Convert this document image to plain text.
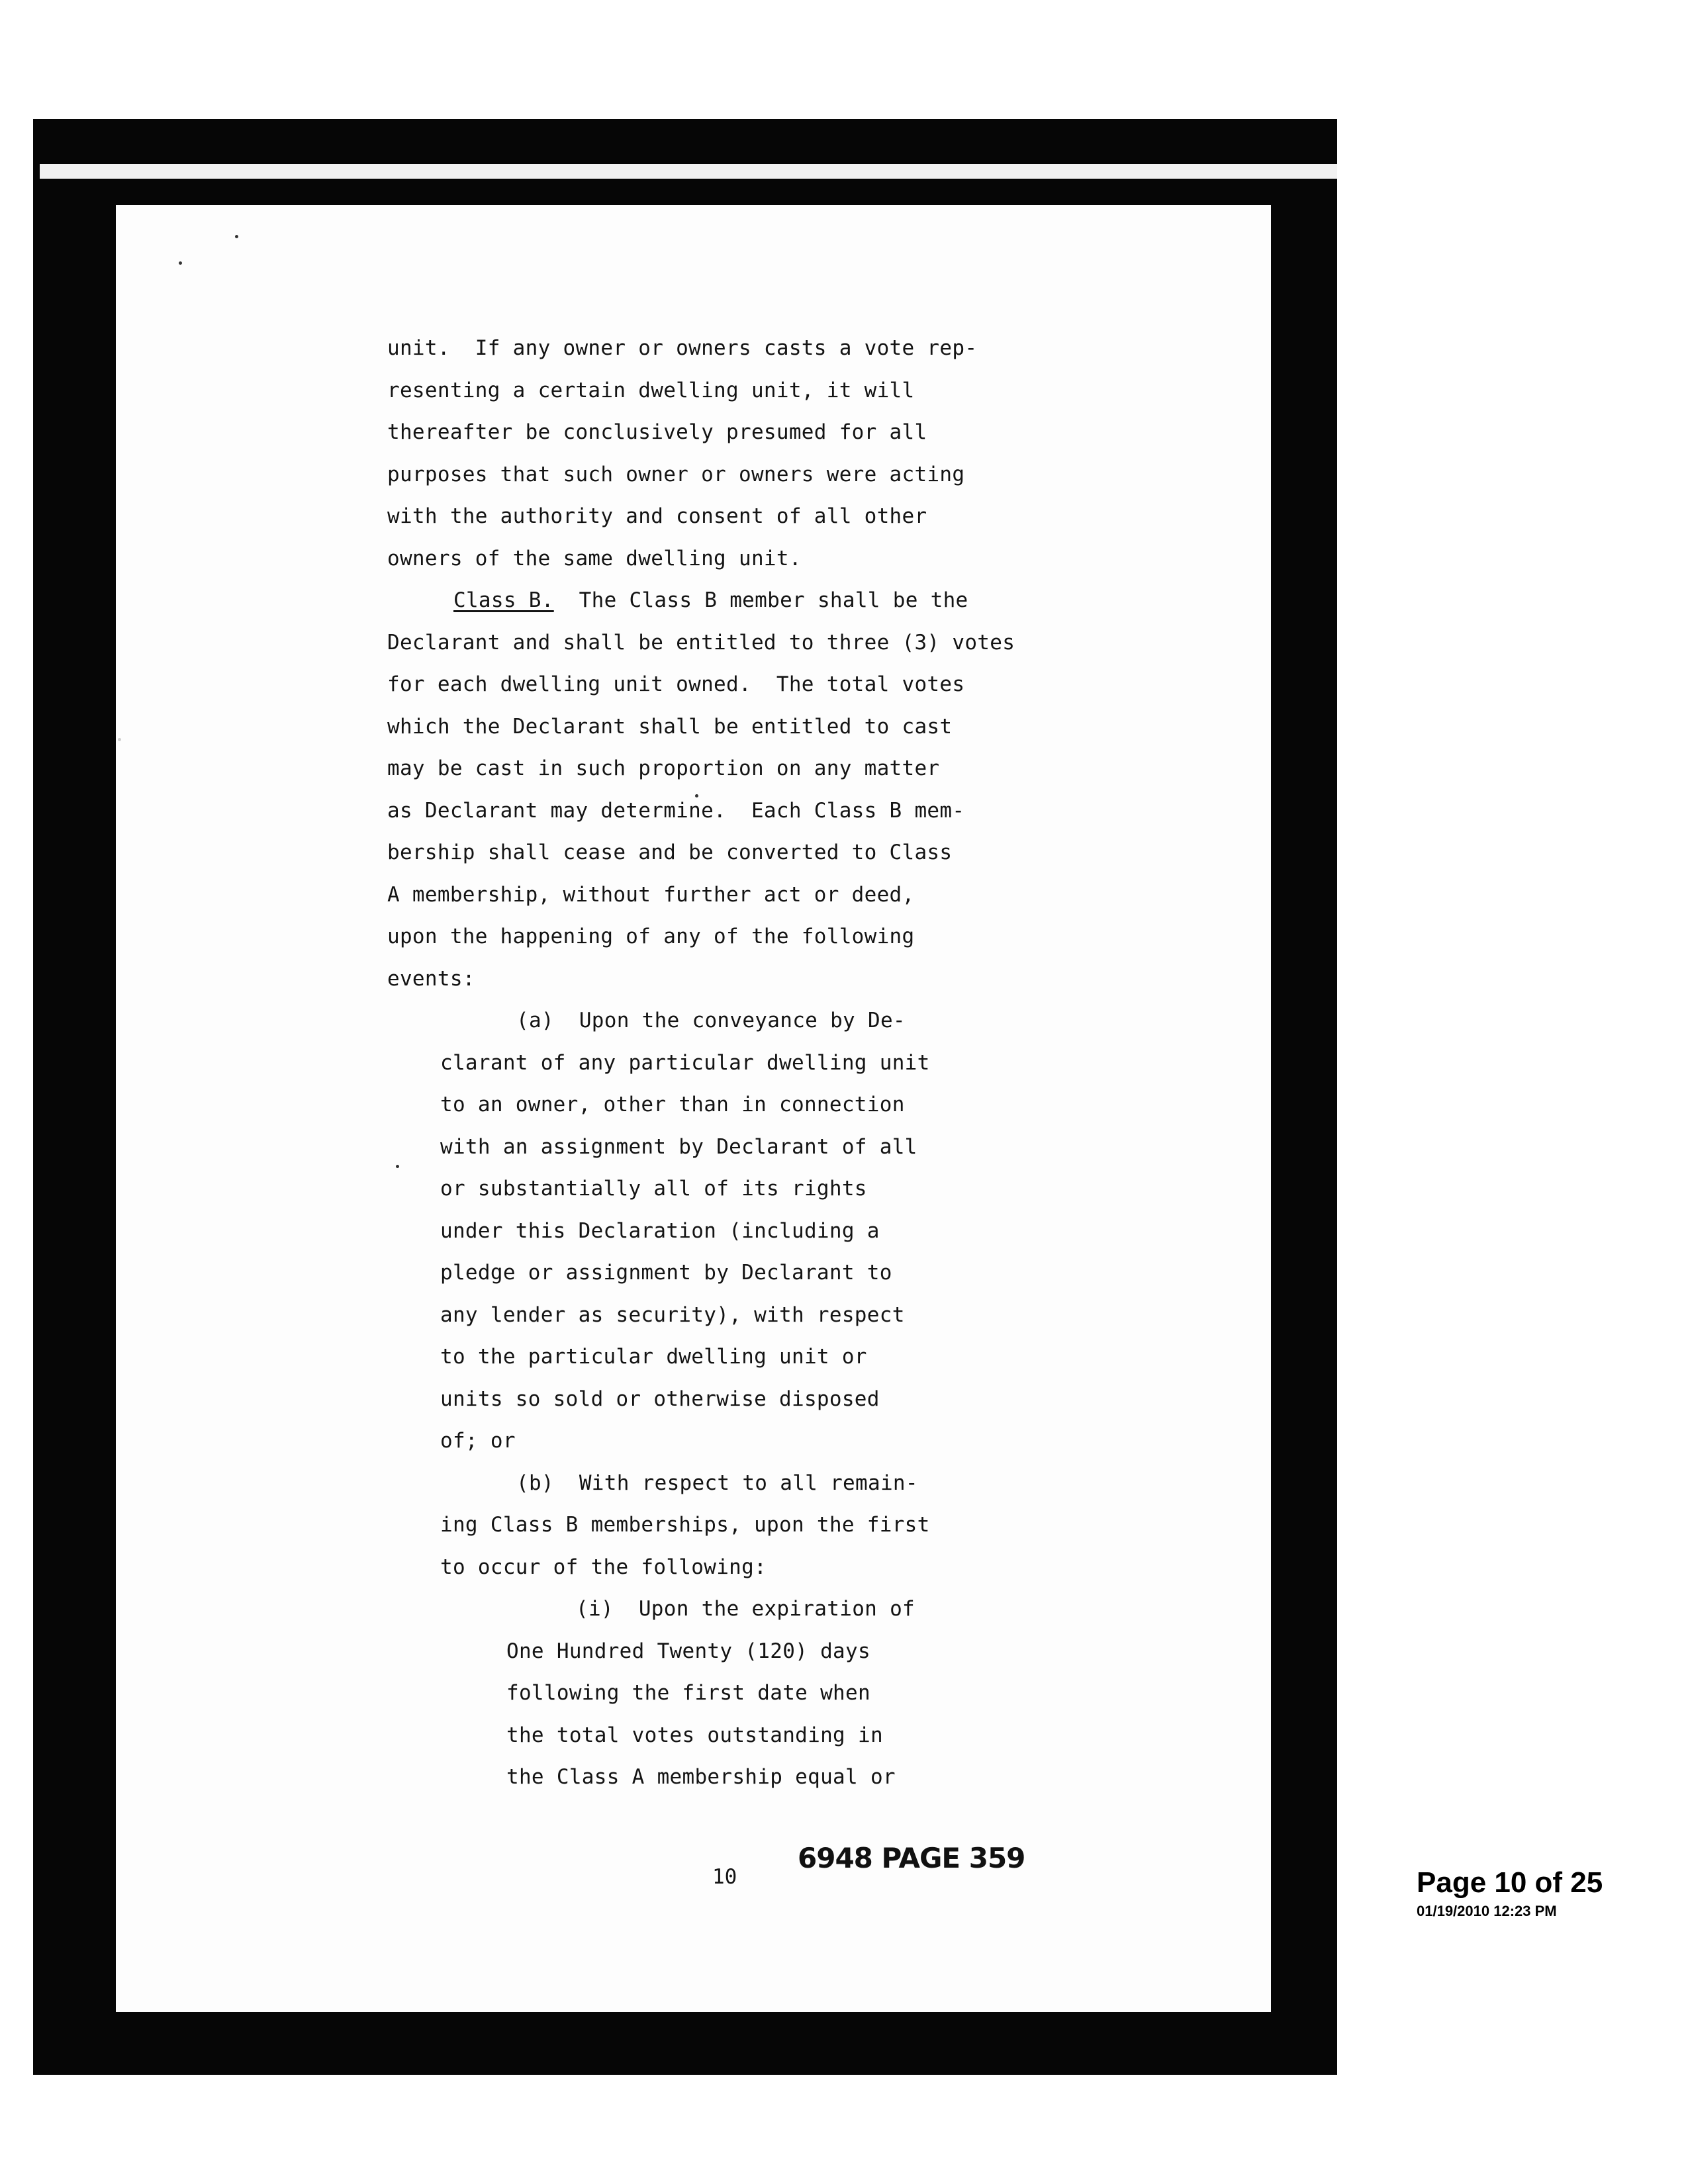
unit.  If any owner or owners casts a vote rep-
resenting a certain dwelling unit, it will
thereafter be conclusively presumed for all
purposes that such owner or owners were acting
with the authority and consent of all other
owners of the same dwelling unit.
Class B.  The Class B member shall be the
Declarant and shall be entitled to three (3) votes
for each dwelling unit owned.  The total votes
which the Declarant shall be entitled to cast
may be cast in such proportion on any matter
as Declarant may determine.  Each Class B mem-
bership shall cease and be converted to Class
A membership, without further act or deed,
upon the happening of any of the following
events:
(a)  Upon the conveyance by De-
clarant of any particular dwelling unit
to an owner, other than in connection
with an assignment by Declarant of all
or substantially all of its rights
under this Declaration (including a
pledge or assignment by Declarant to
any lender as security), with respect
to the particular dwelling unit or
units so sold or otherwise disposed
of; or
(b)  With respect to all remain-
ing Class B memberships, upon the first
to occur of the following:
(i)  Upon the expiration of
One Hundred Twenty (120) days
following the first date when
the total votes outstanding in
the Class A membership equal or
10
6948 PAGE 359
Page 10 of 25
01/19/2010 12:23 PM
